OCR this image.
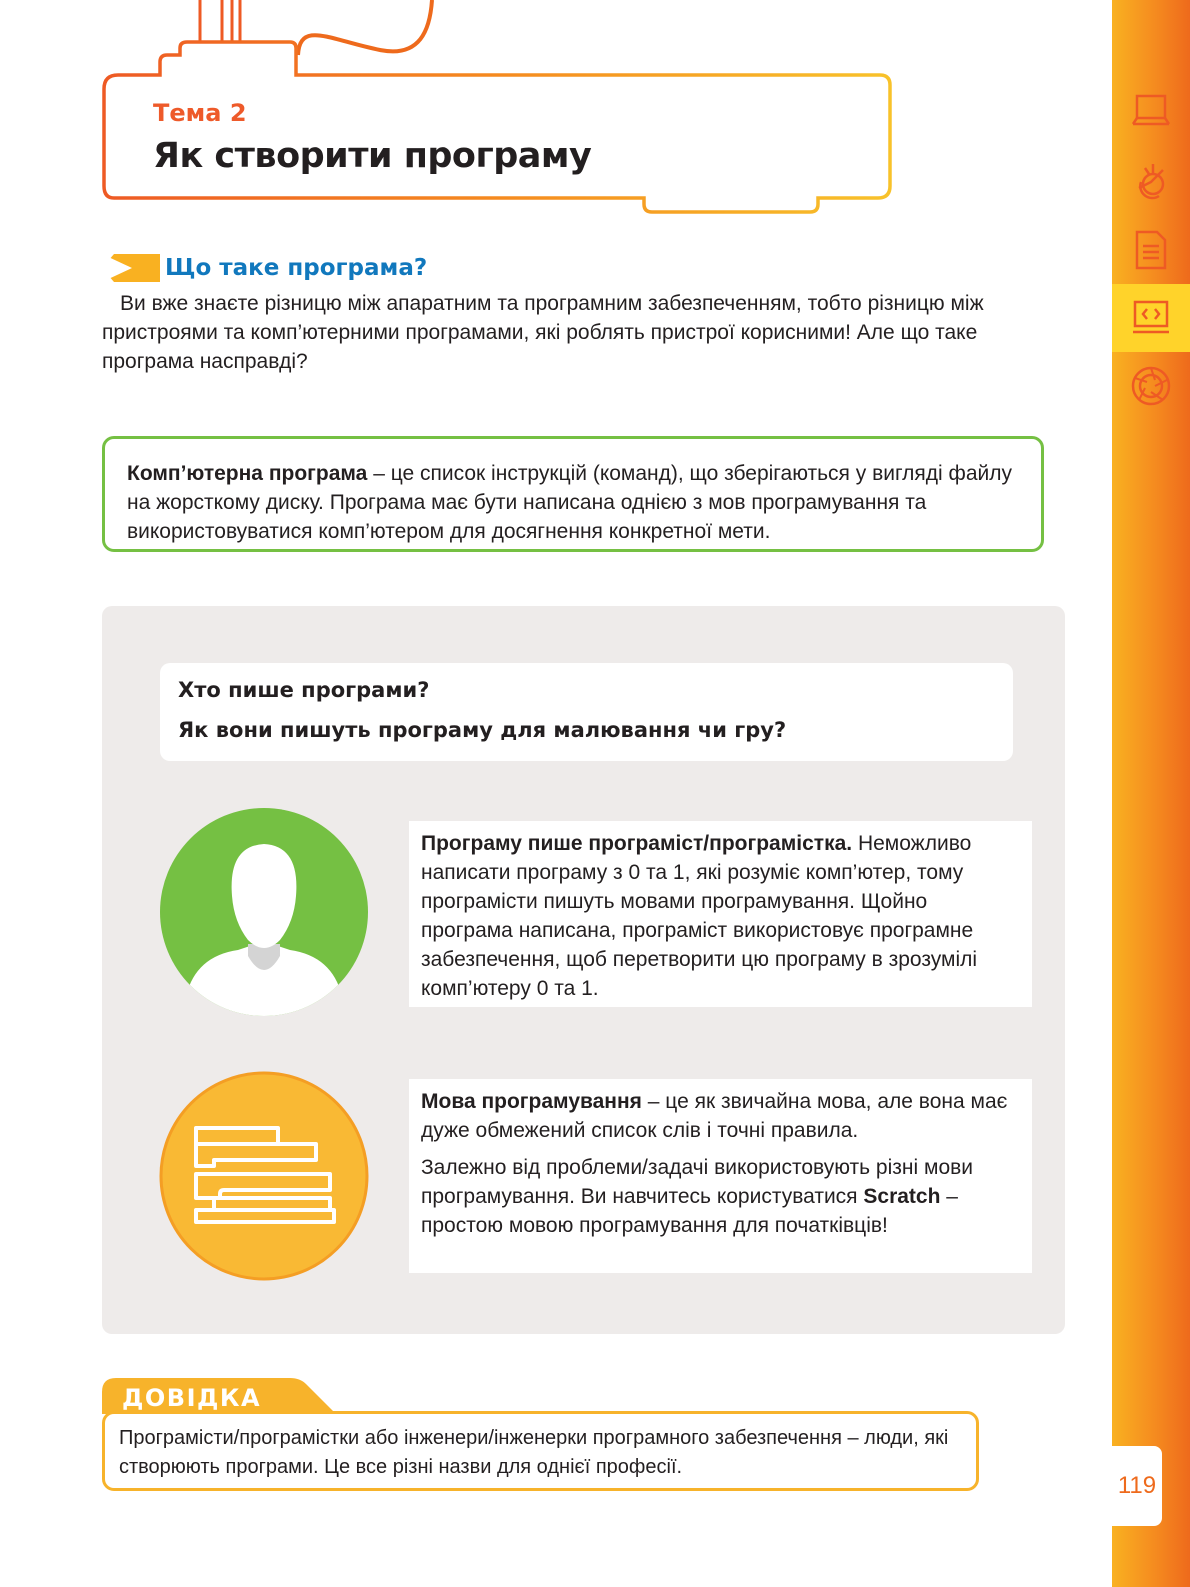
Тема 2

Як створити програму
Що таке програма?

Ви вже знаєте різницю між апаратним та програмним забезпеченням, тобто різницю між пристроями та комп’ютерними програмами, які роблять пристрої корисними! Але що таке програма насправді?

Комп’ютерна програма – це список інструкцій (команд), що зберігаються у вигляді файлу на жорсткому диску. Програма має бути написана однією з мов програмування та використовуватися комп’ютером для досягнення конкретної мети.

Хто пише програми?

Як вони пишуть програму для малювання чи гру?

Програму пише програміст/програмістка. Неможливо написати програму з 0 та 1, які розуміє комп’ютер, тому програмісти пишуть мовами програмування. Щойно програма написана, програміст використовує програмне забезпечення, щоб перетворити цю програму в зрозумілі комп’ютеру 0 та 1.

Мова програмування – це як звичайна мова, але вона має дуже обмежений список слів і точні правила.

Залежно від проблеми/задачі використовують різні мови програмування. Ви навчитесь користуватися Scratch – простою мовою програмування для початківців!

ДОВІДКА

Програмісти/програмістки або інженери/інженерки програмного забезпечення – люди, які створюють програми. Це все різні назви для однієї професії.
119
